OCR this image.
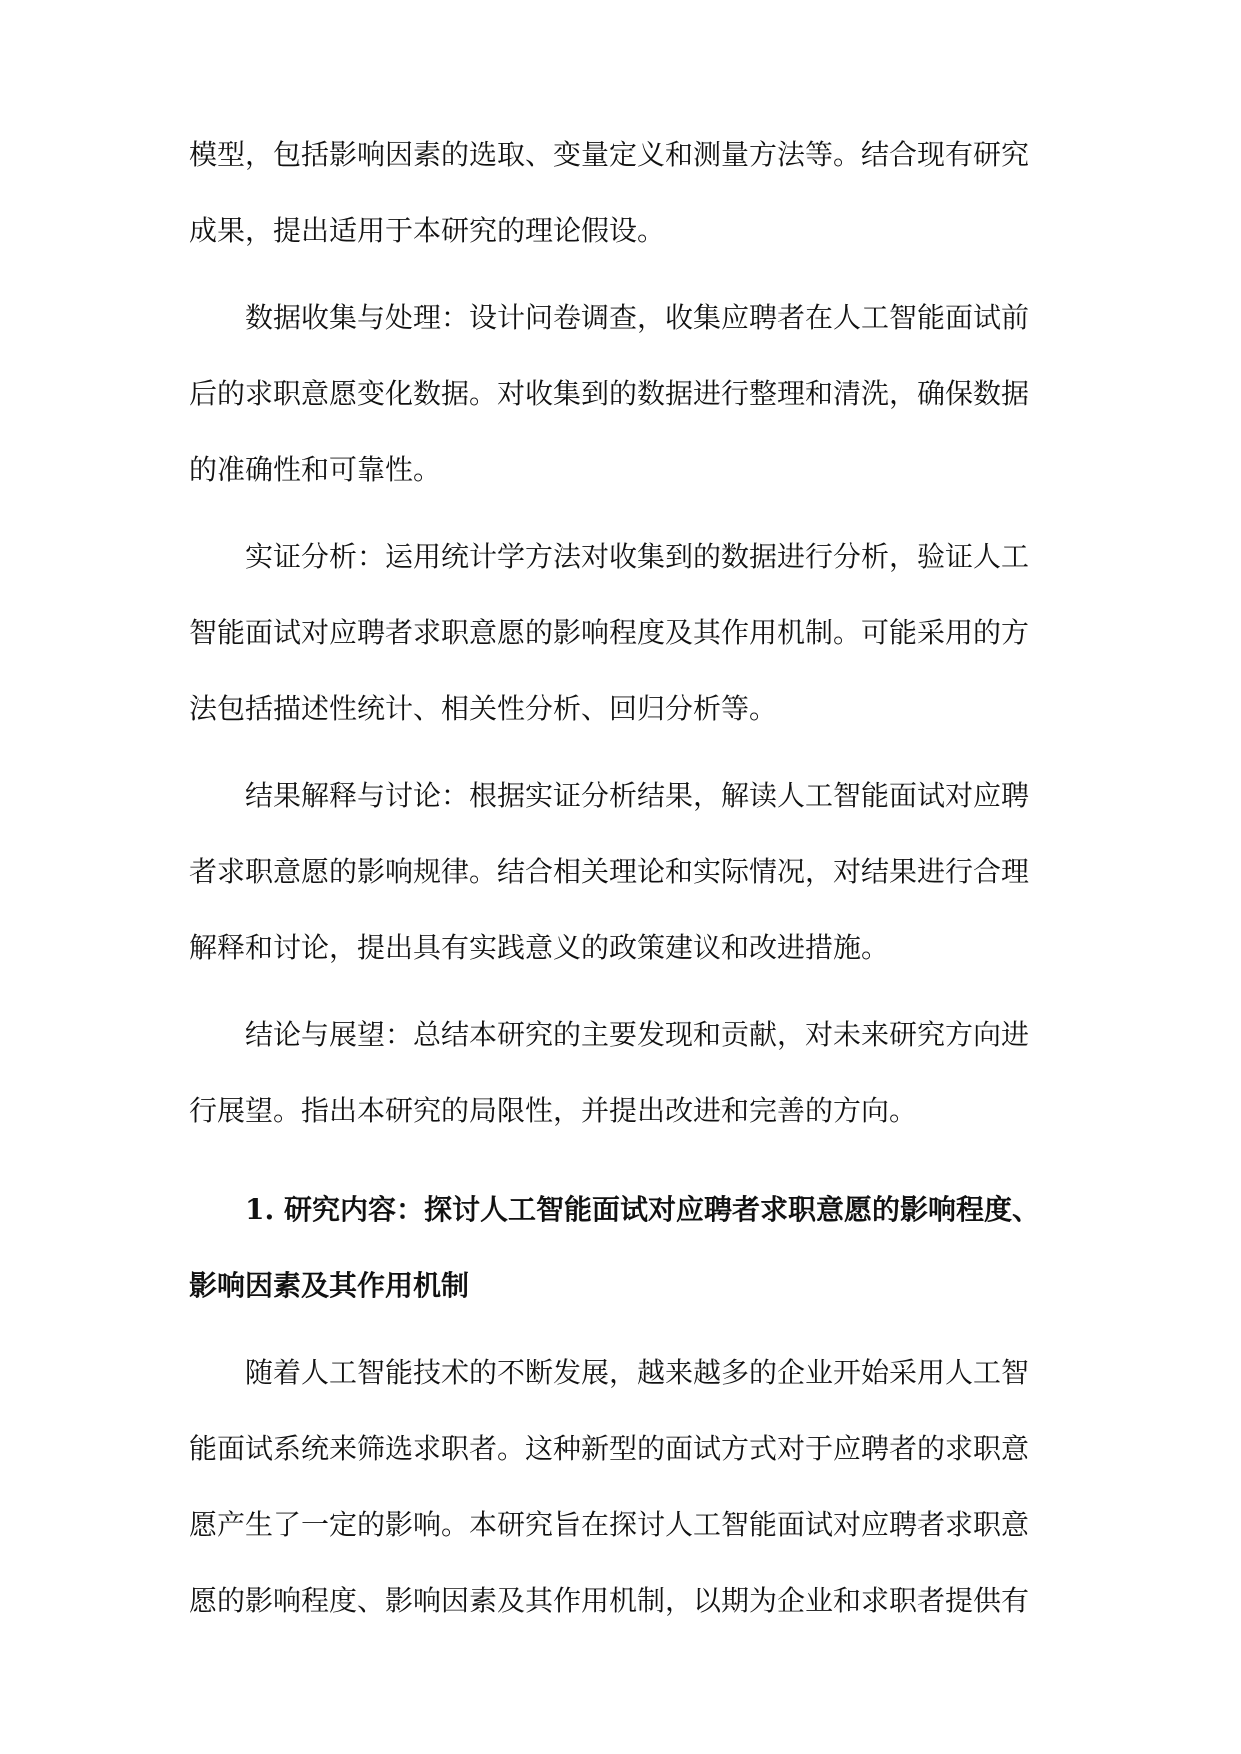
模型，包括影响因素的选取、变量定义和测量方法等。结合现有研究
成果，提出适用于本研究的理论假设。
数据收集与处理：设计问卷调查，收集应聘者在人工智能面试前
后的求职意愿变化数据。对收集到的数据进行整理和清洗，确保数据
的准确性和可靠性。
实证分析：运用统计学方法对收集到的数据进行分析，验证人工
智能面试对应聘者求职意愿的影响程度及其作用机制。可能采用的方
法包括描述性统计、相关性分析、回归分析等。
结果解释与讨论：根据实证分析结果，解读人工智能面试对应聘
者求职意愿的影响规律。结合相关理论和实际情况，对结果进行合理
解释和讨论，提出具有实践意义的政策建议和改进措施。
结论与展望：总结本研究的主要发现和贡献，对未来研究方向进
行展望。指出本研究的局限性，并提出改进和完善的方向。
1. 研究内容：探讨人工智能面试对应聘者求职意愿的影响程度、
影响因素及其作用机制
随着人工智能技术的不断发展，越来越多的企业开始采用人工智
能面试系统来筛选求职者。这种新型的面试方式对于应聘者的求职意
愿产生了一定的影响。本研究旨在探讨人工智能面试对应聘者求职意
愿的影响程度、影响因素及其作用机制，以期为企业和求职者提供有
